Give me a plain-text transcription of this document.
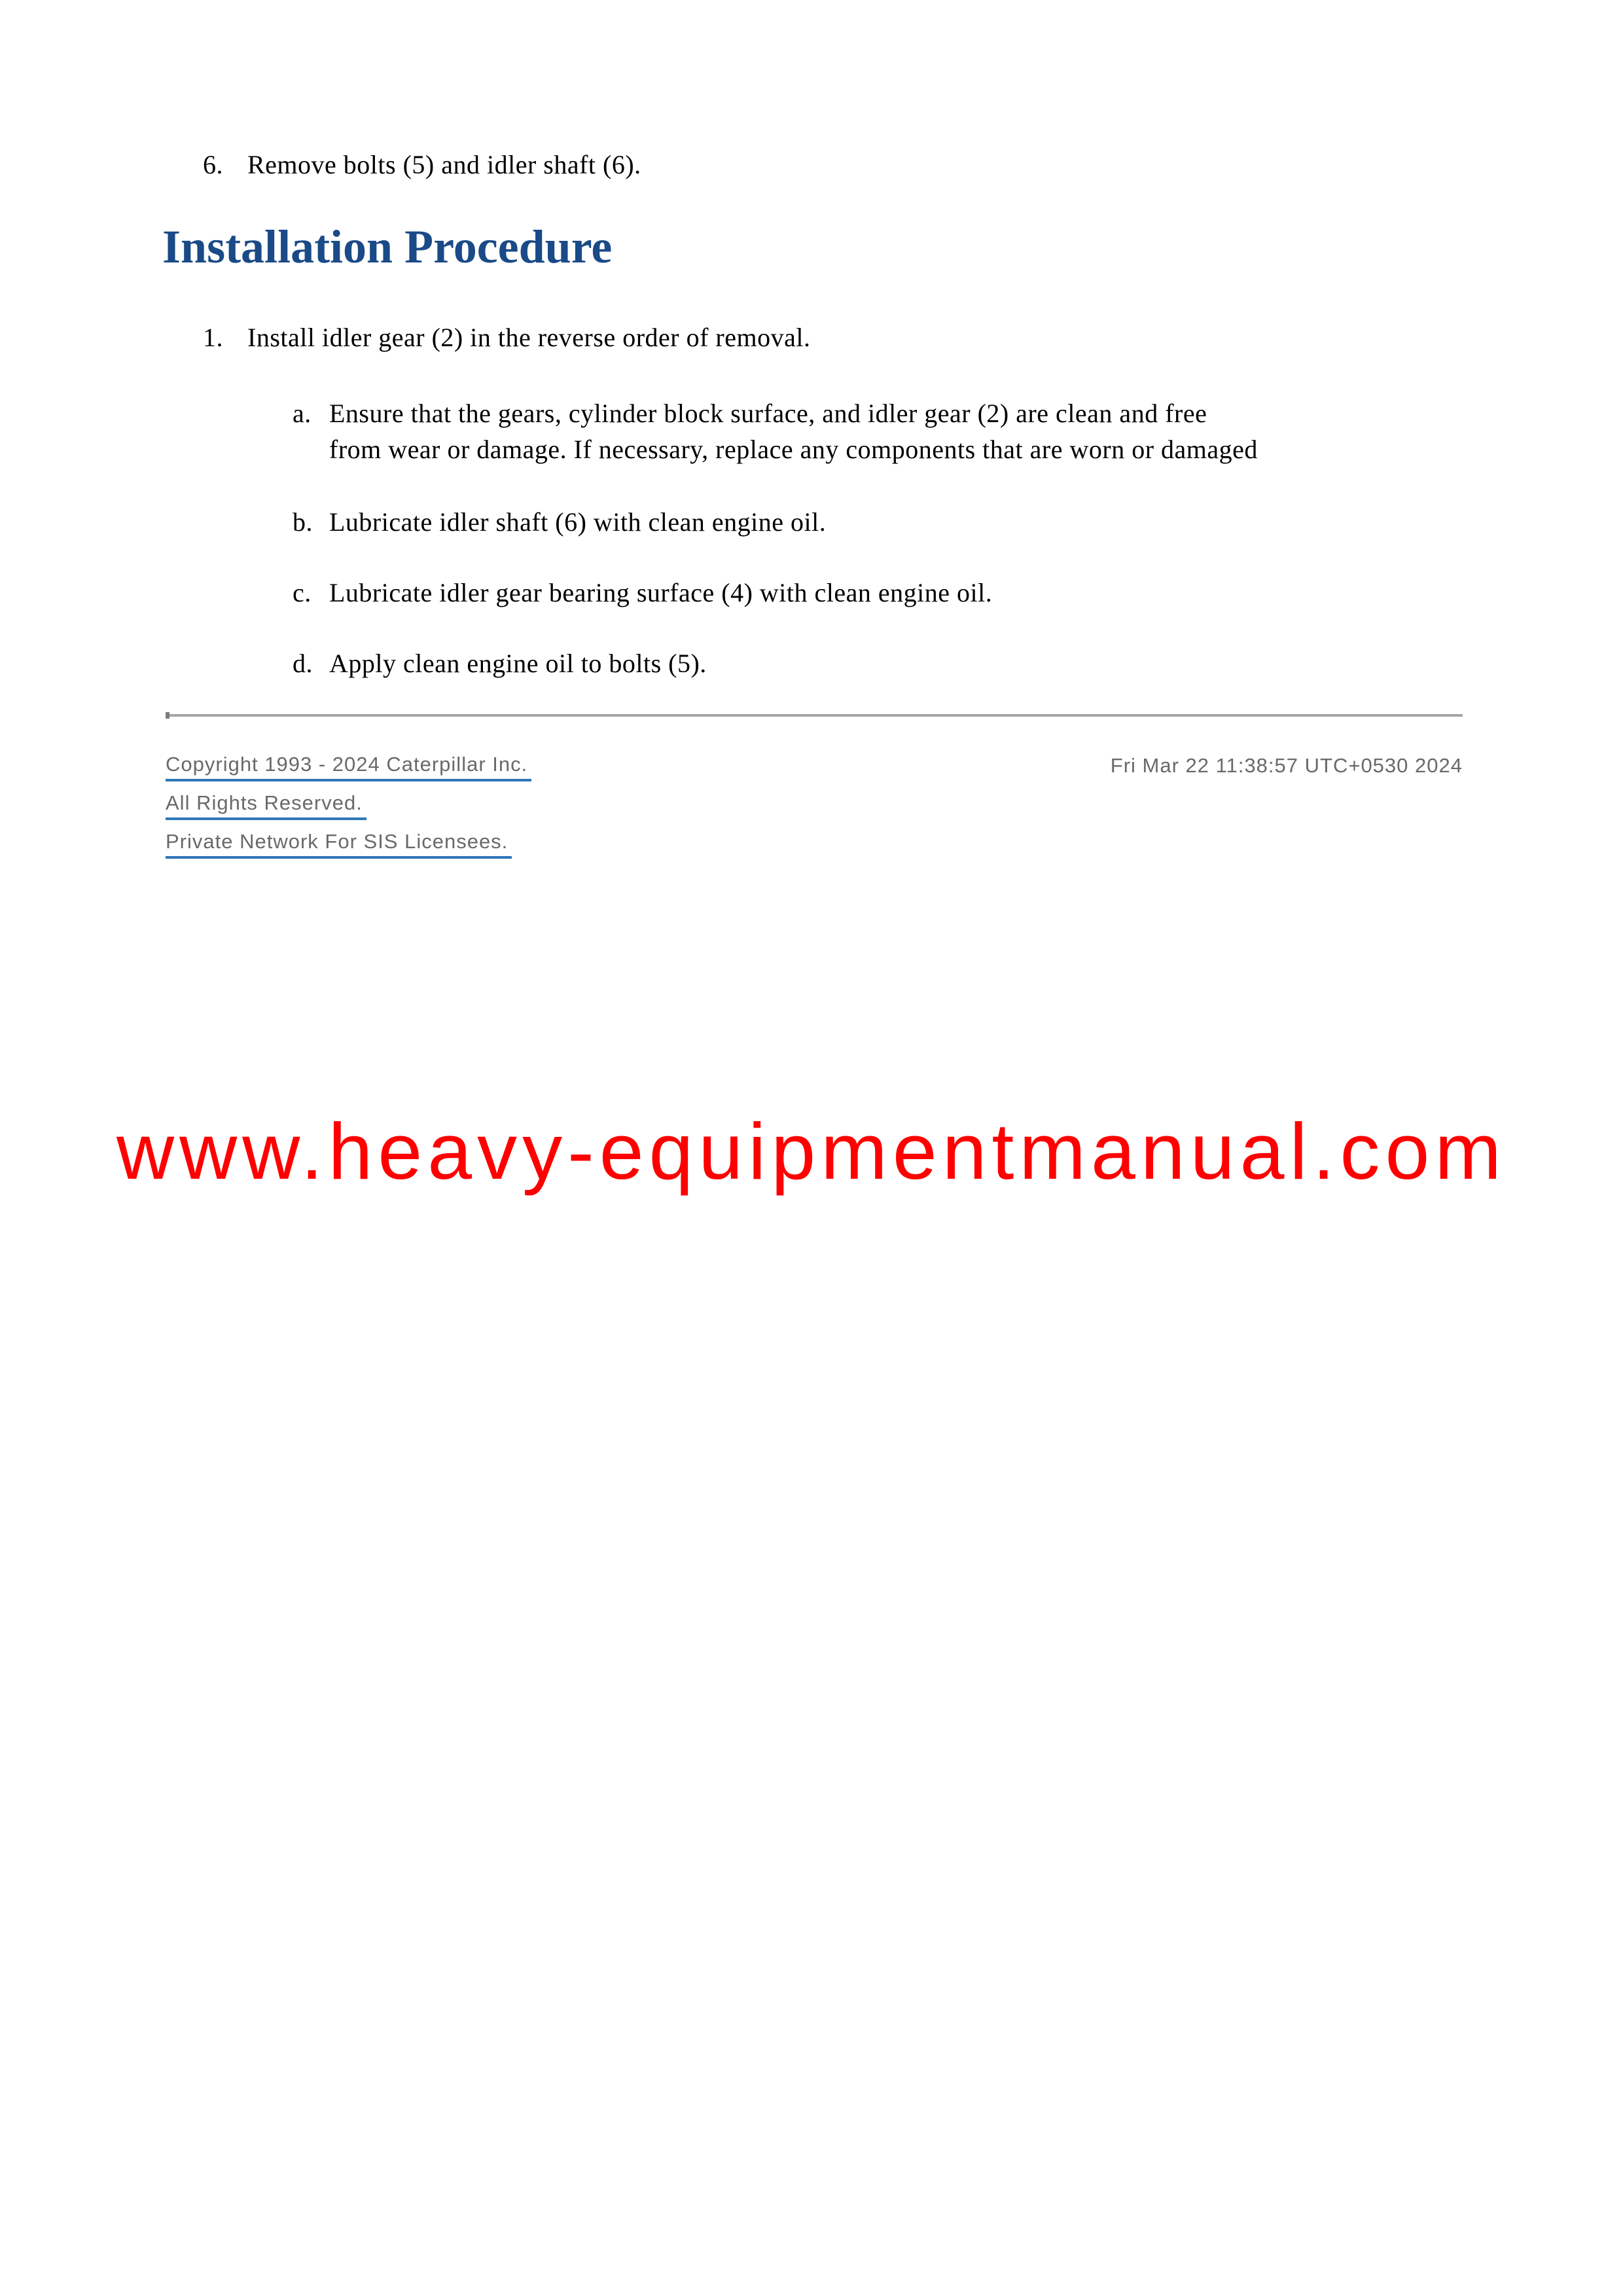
6. Remove bolts (5) and idler shaft (6).
Installation Procedure
1. Install idler gear (2) in the reverse order of removal.
a. Ensure that the gears, cylinder block surface, and idler gear (2) are clean and free
from wear or damage. If necessary, replace any components that are worn or damaged
b. Lubricate idler shaft (6) with clean engine oil.
c. Lubricate idler gear bearing surface (4) with clean engine oil.
d. Apply clean engine oil to bolts (5).
Copyright 1993 - 2024 Caterpillar Inc.	Fri Mar 22 11:38:57 UTC+0530 2024
All Rights Reserved.
Private Network For SIS Licensees.
www.heavy-equipmentmanual.com
